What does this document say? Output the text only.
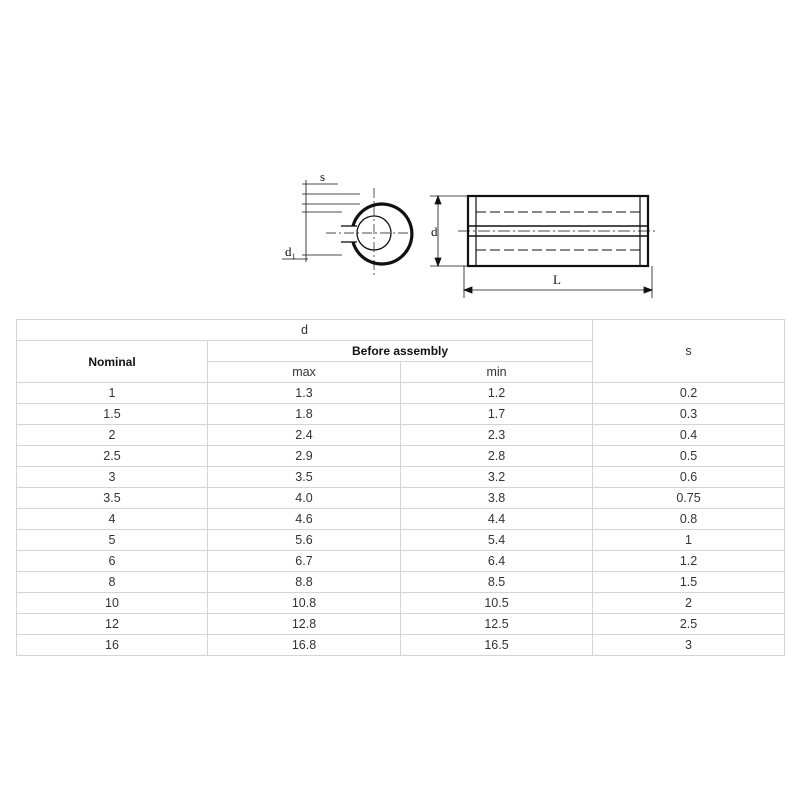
s
d₁
d
L
d			s
Nominal	Before assembly		
	max	min	
1	1.3	1.2	0.2
1.5	1.8	1.7	0.3
2	2.4	2.3	0.4
2.5	2.9	2.8	0.5
3	3.5	3.2	0.6
3.5	4.0	3.8	0.75
4	4.6	4.4	0.8
5	5.6	5.4	1
6	6.7	6.4	1.2
8	8.8	8.5	1.5
10	10.8	10.5	2
12	12.8	12.5	2.5
16	16.8	16.5	3
